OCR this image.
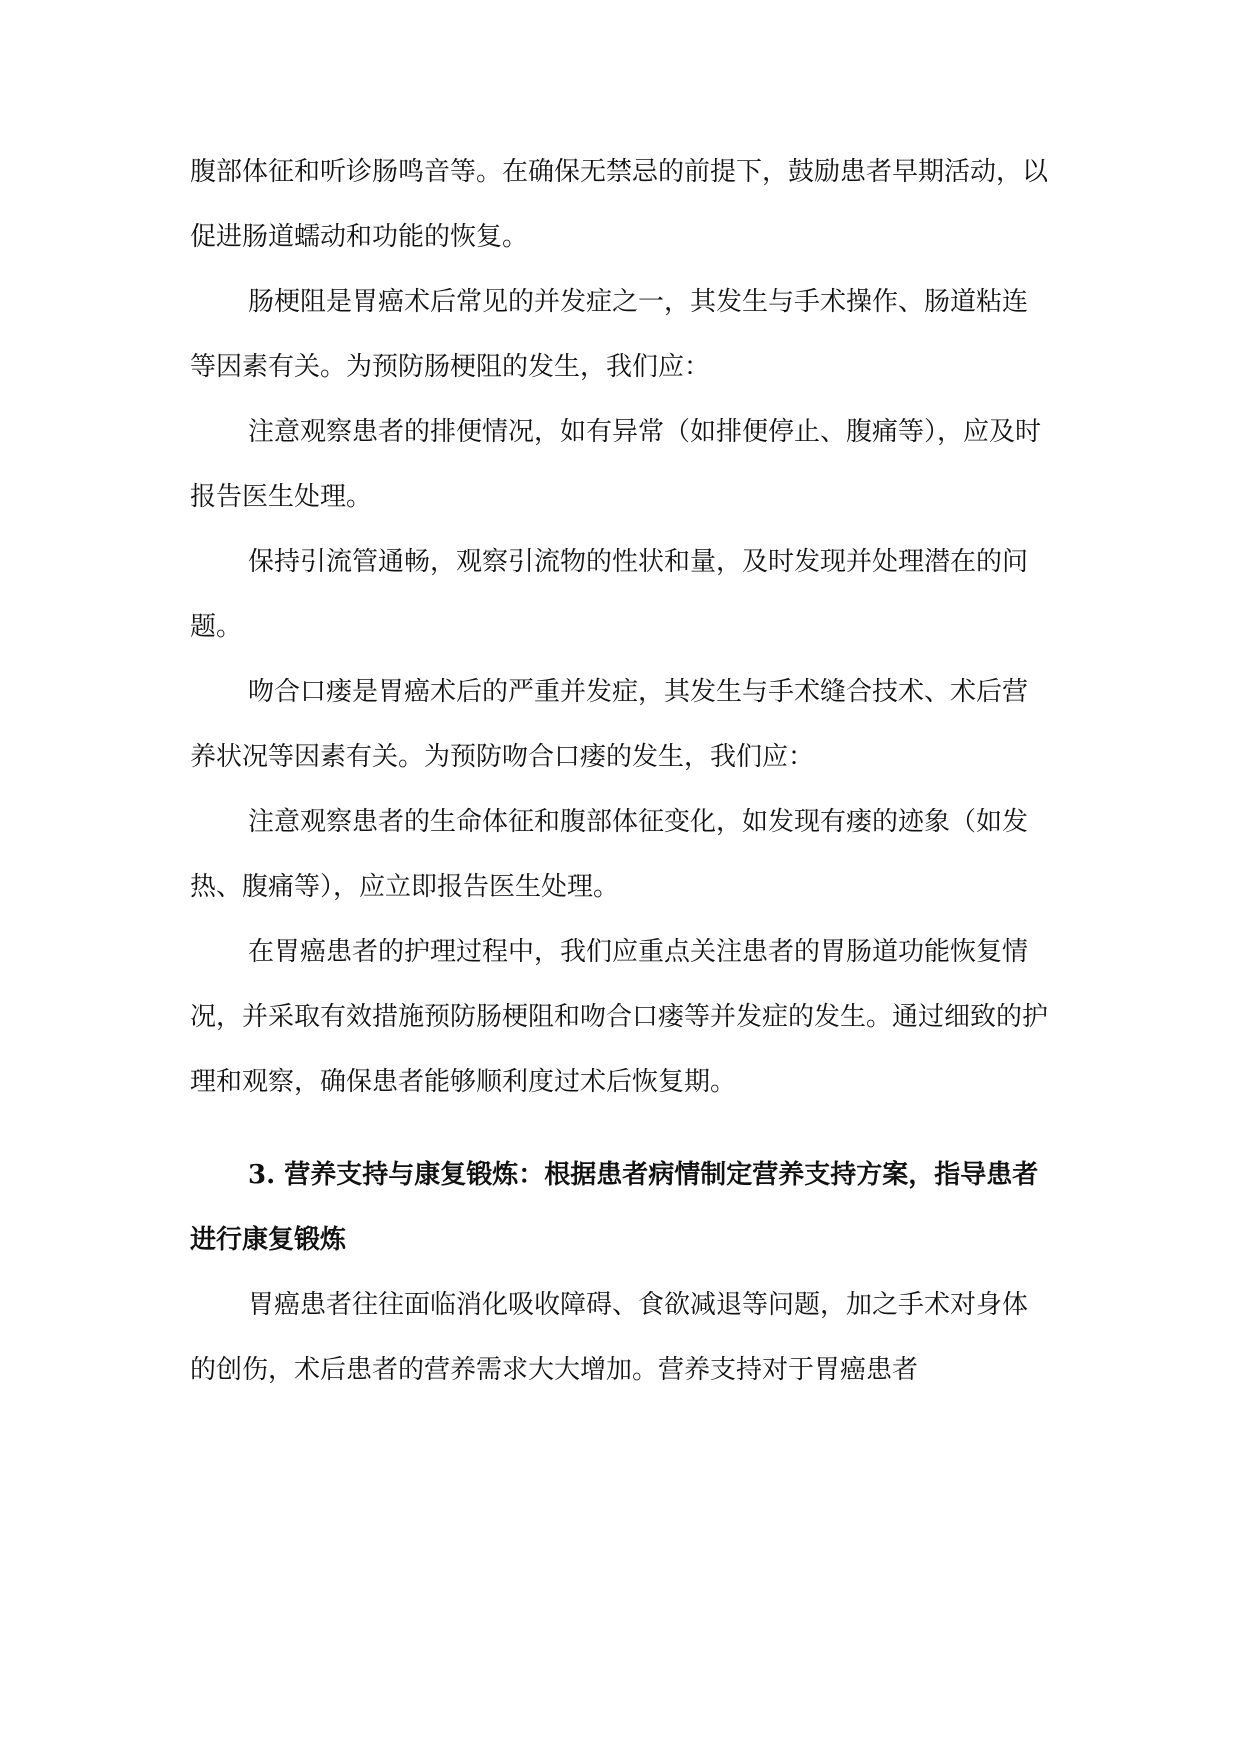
腹部体征和听诊肠鸣音等。在确保无禁忌的前提下，鼓励患者早期活动，以促进肠道蠕动和功能的恢复。

肠梗阻是胃癌术后常见的并发症之一，其发生与手术操作、肠道粘连等因素有关。为预防肠梗阻的发生，我们应：

注意观察患者的排便情况，如有异常（如排便停止、腹痛等），应及时报告医生处理。

保持引流管通畅，观察引流物的性状和量，及时发现并处理潜在的问题。

吻合口瘘是胃癌术后的严重并发症，其发生与手术缝合技术、术后营养状况等因素有关。为预防吻合口瘘的发生，我们应：

注意观察患者的生命体征和腹部体征变化，如发现有瘘的迹象（如发热、腹痛等），应立即报告医生处理。

在胃癌患者的护理过程中，我们应重点关注患者的胃肠道功能恢复情况，并采取有效措施预防肠梗阻和吻合口瘘等并发症的发生。通过细致的护理和观察，确保患者能够顺利度过术后恢复期。

3. 营养支持与康复锻炼：根据患者病情制定营养支持方案，指导患者进行康复锻炼

胃癌患者往往面临消化吸收障碍、食欲减退等问题，加之手术对身体的创伤，术后患者的营养需求大大增加。营养支持对于胃癌患者
